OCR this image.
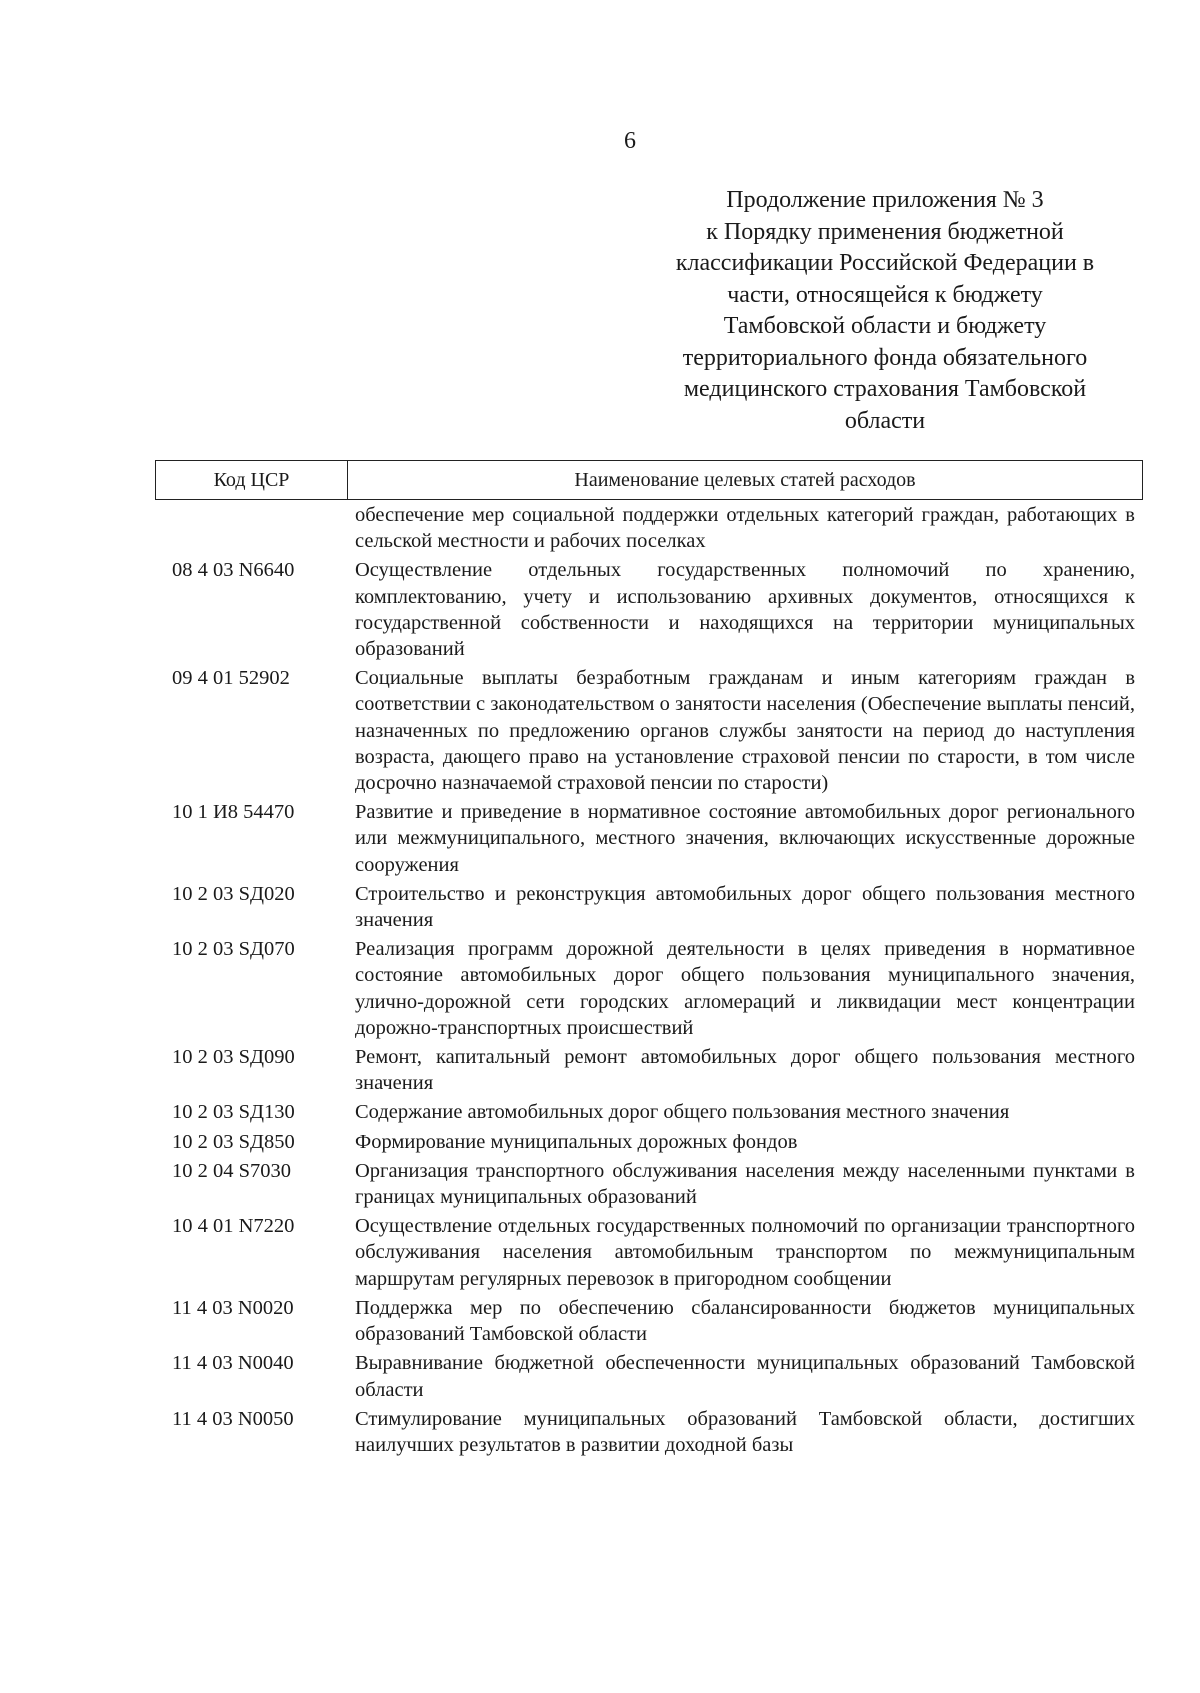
6
Продолжение приложения № 3
к Порядку применения бюджетной
классификации Российской Федерации в
части, относящейся к бюджету
Тамбовской области и бюджету
территориального фонда обязательного
медицинского страхования Тамбовской
области
Код ЦСР	Наименование целевых статей расходов
обеспечение мер социальной поддержки отдельных категорий граждан, работающих в сельской местности и рабочих поселках
08 4 03 N6640	Осуществление отдельных государственных полномочий по хранению, комплектованию, учету и использованию архивных документов, относящихся к государственной собственности и находящихся на территории муниципальных образований
09 4 01 52902	Социальные выплаты безработным гражданам и иным категориям граждан в соответствии с законодательством о занятости населения (Обеспечение выплаты пенсий, назначенных по предложению органов службы занятости на период до наступления возраста, дающего право на установление страховой пенсии по старости, в том числе досрочно назначаемой страховой пенсии по старости)
10 1 И8 54470	Развитие и приведение в нормативное состояние автомобильных дорог регионального или межмуниципального, местного значения, включающих искусственные дорожные сооружения
10 2 03 SД020	Строительство и реконструкция автомобильных дорог общего пользования местного значения
10 2 03 SД070	Реализация программ дорожной деятельности в целях приведения в нормативное состояние автомобильных дорог общего пользования муниципального значения, улично-дорожной сети городских агломераций и ликвидации мест концентрации дорожно-транспортных происшествий
10 2 03 SД090	Ремонт, капитальный ремонт автомобильных дорог общего пользования местного значения
10 2 03 SД130	Содержание автомобильных дорог общего пользования местного значения
10 2 03 SД850	Формирование муниципальных дорожных фондов
10 2 04 S7030	Организация транспортного обслуживания населения между населенными пунктами в границах муниципальных образований
10 4 01 N7220	Осуществление отдельных государственных полномочий по организации транспортного обслуживания населения автомобильным транспортом по межмуниципальным маршрутам регулярных перевозок в пригородном сообщении
11 4 03 N0020	Поддержка мер по обеспечению сбалансированности бюджетов муниципальных образований Тамбовской области
11 4 03 N0040	Выравнивание бюджетной обеспеченности муниципальных образований Тамбовской области
11 4 03 N0050	Стимулирование муниципальных образований Тамбовской области, достигших наилучших результатов в развитии доходной базы
